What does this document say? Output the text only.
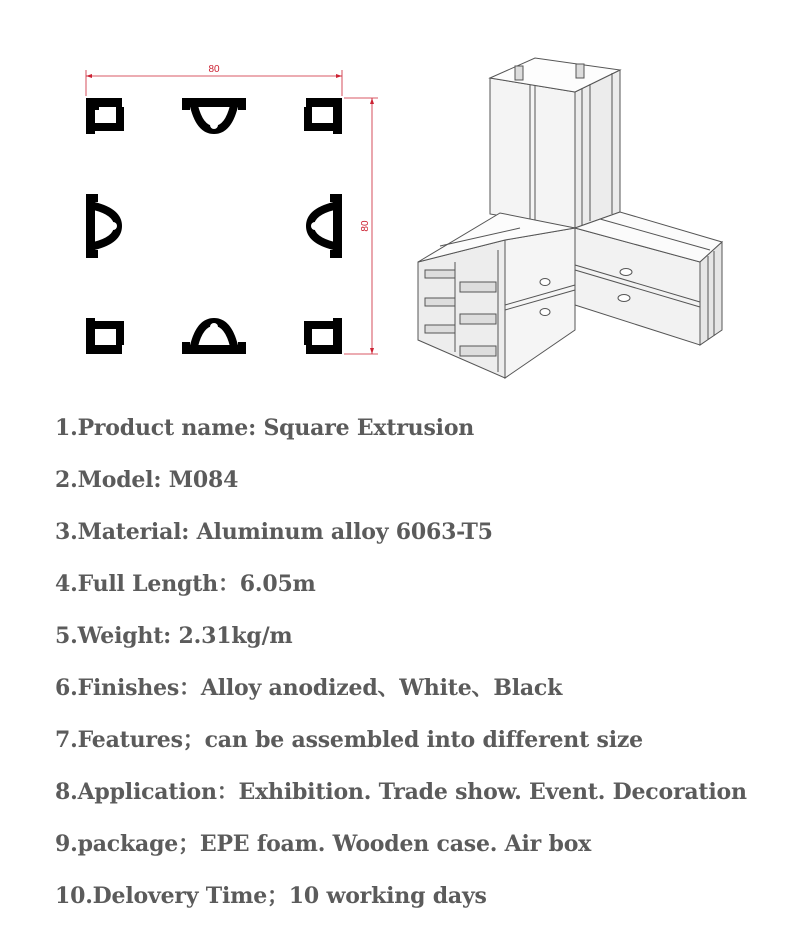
80
80
1.Product name: Square Extrusion
2.Model: M084
3.Material: Aluminum alloy 6063-T5
4.Full Length：6.05m
5.Weight: 2.31kg/m
6.Finishes：Alloy anodized、White、Black
7.Features；can be assembled into different size
8.Application：Exhibition. Trade show. Event. Decoration
9.package；EPE foam. Wooden case. Air box
10.Delovery Time；10 working days
